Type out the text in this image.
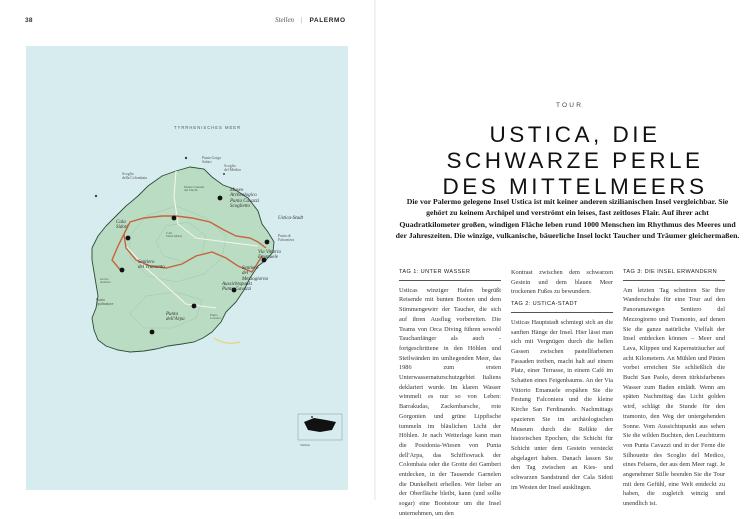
38	Stellen | PALERMO
TYRRHENISCHES MEER
Punta Gorgo
Salato
Monte Guardia
dei Turchi
Scoglio
della Colombaia
Scoglio
del Medico
Museo
Archeologico
Punta Cavazzi
Scoglietto
Ustica-Stadt
Punta di
Falconiera
Cala
Sidoti
Via Vittorio
Emanuele
Sentiero
del Tramonto	Sentiero
del
Mezzogiorno
Aussichtspunkt
Punta Gavazzi
Punta
Spalmatore
Punta
dell'Arpa
Cala
Santa Maria
Grotta
Azzurra
Punta
Cavazzi
Sizilien
TOUR
USTICA, DIE
SCHWARZE PERLE
DES MITTELMEERS
Die vor Palermo gelegene Insel Ustica ist mit keiner anderen sizilianischen Insel vergleichbar. Sie gehört zu keinem Archipel und verströmt ein leises, fast zeitloses Flair. Auf ihrer acht Quadratkilometer großen, windigen Fläche leben rund 1000 Menschen im Rhythmus des Meeres und der Jahreszeiten. Die winzige, vulkanische, bäuerliche Insel lockt Taucher und Träumer gleichermaßen.
TAG 1: UNTER WASSER

Usticas winziger Hafen begrüßt Reisende mit bunten Booten und dem Stimmengewirr der Taucher, die sich auf ihren Ausflug vorbereiten. Die Teams von Orca Diving führen sowohl Tauchanfänger als auch -fortgeschrittene in den Höhlen und Steilwänden im umliegenden Meer, das 1986 zum ersten Unterwassernaturschutzgebiet Italiens deklariert wurde. Im klaren Wasser wimmelt es nur so von Leben: Barrakudas, Zackenbarsche, rote Gorgonien und grüne Lippfische tummeln im bläulichen Licht der Höhlen. Je nach Wetterlage kann man die Posidonia-Wiesen von Punta dell'Arpa, das Schiffswrack der Colombaia oder die Grotte dei Gamberi entdecken, in der Tausende Garnelen die Dunkelheit erhellen. Wer lieber an der Oberfläche bleibt, kann (und sollte sogar) eine Bootstour um die Insel unternehmen, um den

Kontrast zwischen dem schwarzen Gestein und dem blauen Meer trockenen Fußes zu bewundern.

TAG 2: USTICA-STADT

Usticas Hauptstadt schmiegt sich an die sanften Hänge der Insel. Hier lässt man sich mit Vergnügen durch die hellen Gassen zwischen pastellfarbenen Fassaden treiben, macht halt auf einem Platz, einer Terrasse, in einem Café im Schatten eines Feigenbaums. An der Via Vittorio Emanuele erspähen Sie die Festung Falconiera und die kleine Kirche San Ferdinando. Nachmittags spazieren Sie im archäologischen Museum durch die Relikte der historischen Epochen, die Schicht für Schicht unter dem Gestein versteckt abgelagert haben. Danach lassen Sie den Tag zwischen an Kies- und schwarzen Sandstrand der Cala Sidoti im Westen der Insel ausklingen.

TAG 3: DIE INSEL ERWANDERN

Am letzten Tag schnüren Sie Ihre Wanderschuhe für eine Tour auf den Panoramawegen Sentiero del Mezzogiorno und Tramonto, auf denen Sie die ganze natürliche Vielfalt der Insel entdecken können – Meer und Lava, Klippen und Kapernsträucher auf acht Kilometern. An Mühlen und Pinien vorbei erreichen Sie schließlich die Bucht San Paolo, deren türkisfarbenes Wasser zum Baden einlädt. Wenn am späten Nachmittag das Licht golden wird, schlägt die Stunde für den tramonto, den Weg der untergehenden Sonne. Vom Aussichtspunkt aus sehen Sie die wilden Buchten, den Leuchtturm von Punta Cavazzi und in der Ferne die Silhouette des Scoglio del Medico, eines Felsens, der aus dem Meer ragt. Je angenehmer Stille beenden Sie die Tour mit dem Gefühl, eine Welt entdeckt zu haben, die zugleich winzig und unendlich ist.
